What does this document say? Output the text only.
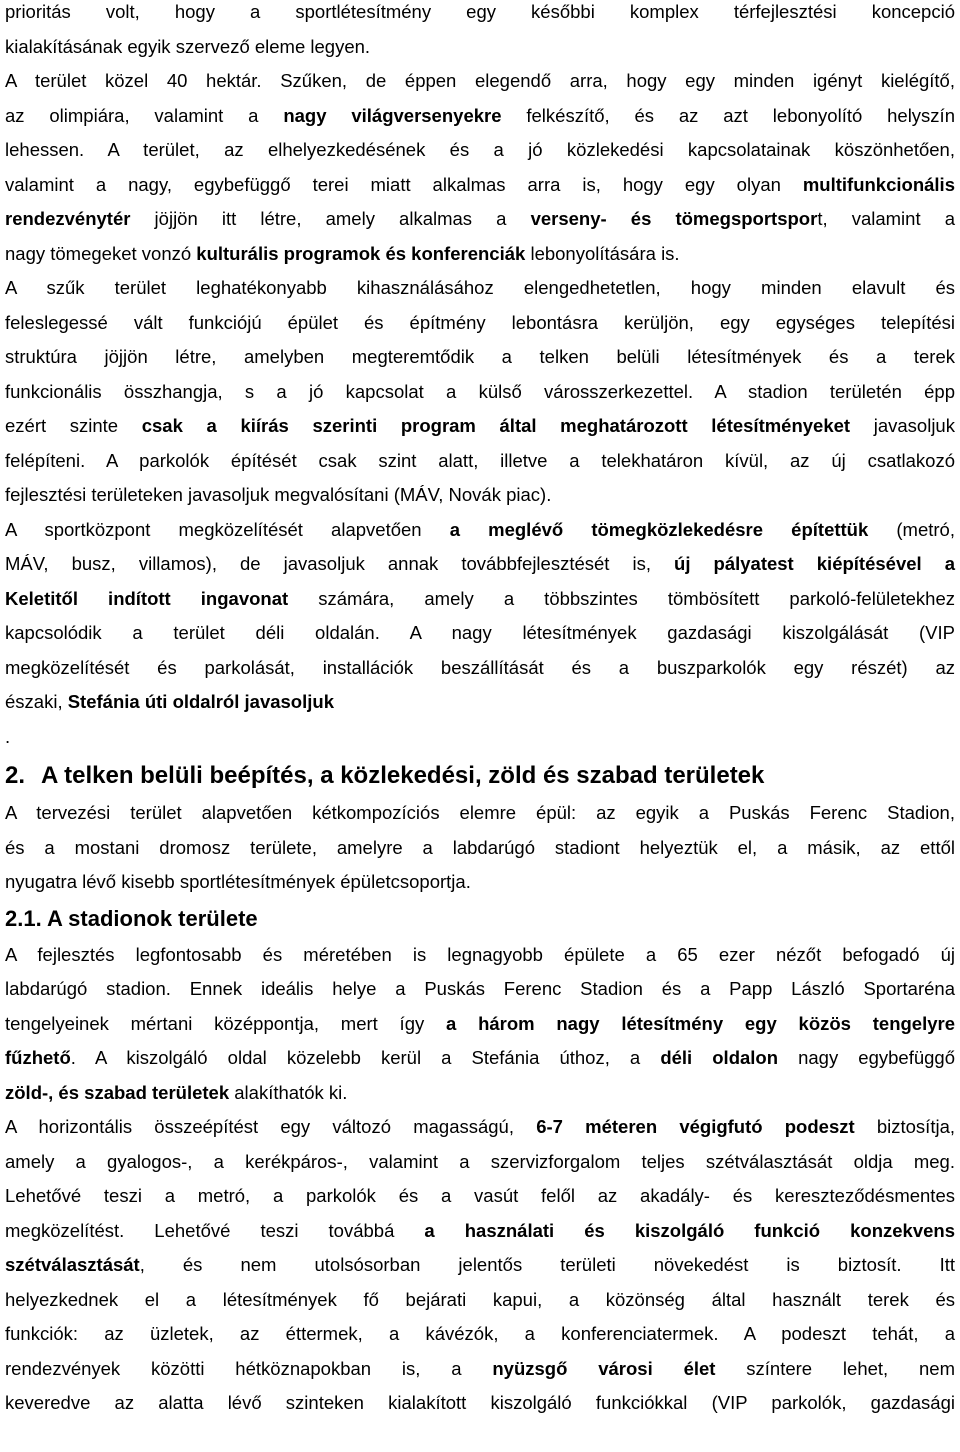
prioritás volt, hogy a sportlétesítmény egy későbbi komplex térfejlesztési koncepció
kialakításának egyik szervező eleme legyen.
A terület közel 40 hektár. Szűken, de éppen elegendő arra, hogy egy minden igényt kielégítő,
az olimpiára, valamint a nagy világversenyekre felkészítő, és az azt lebonyolító helyszín
lehessen. A terület, az elhelyezkedésének és a jó közlekedési kapcsolatainak köszönhetően,
valamint a nagy, egybefüggő terei miatt alkalmas arra is, hogy egy olyan multifunkcionális
rendezvénytér jöjjön itt létre, amely alkalmas a verseny- és tömegsportsport, valamint a
nagy tömegeket vonzó kulturális programok és konferenciák lebonyolítására is.
A szűk terület leghatékonyabb kihasználásához elengedhetetlen, hogy minden elavult és
feleslegessé vált funkciójú épület és építmény lebontásra kerüljön, egy egységes telepítési
struktúra jöjjön létre, amelyben megteremtődik a telken belüli létesítmények és a terek
funkcionális összhangja, s a jó kapcsolat a külső városszerkezettel. A stadion területén épp
ezért szinte csak a kiírás szerinti program által meghatározott létesítményeket javasoljuk
felépíteni. A parkolók építését csak szint alatt, illetve a telekhatáron kívül, az új csatlakozó
fejlesztési területeken javasoljuk megvalósítani (MÁV, Novák piac).
A sportközpont megközelítését alapvetően a meglévő tömegközlekedésre építettük (metró,
MÁV, busz, villamos), de javasoljuk annak továbbfejlesztését is, új pályatest kiépítésével a
Keletitől indított ingavonat számára, amely a többszintes tömbösített parkoló-felületekhez
kapcsolódik a terület déli oldalán. A nagy létesítmények gazdasági kiszolgálását (VIP
megközelítését és parkolását, installációk beszállítását és a buszparkolók egy részét) az
északi, Stefánia úti oldalról javasoljuk
.
2. A telken belüli beépítés, a közlekedési, zöld és szabad területek
A tervezési terület alapvetően kétkompozíciós elemre épül: az egyik a Puskás Ferenc Stadion,
és a mostani dromosz területe, amelyre a labdarúgó stadiont helyeztük el, a másik, az ettől
nyugatra lévő kisebb sportlétesítmények épületcsoportja.
2.1. A stadionok területe
A fejlesztés legfontosabb és méretében is legnagyobb épülete a 65 ezer nézőt befogadó új
labdarúgó stadion. Ennek ideális helye a Puskás Ferenc Stadion és a Papp László Sportaréna
tengelyeinek mértani középpontja, mert így a három nagy létesítmény egy közös tengelyre
fűzhető. A kiszolgáló oldal közelebb kerül a Stefánia úthoz, a déli oldalon nagy egybefüggő
zöld-, és szabad területek alakíthatók ki.
A horizontális összeépítést egy változó magasságú, 6-7 méteren végigfutó podeszt biztosítja,
amely a gyalogos-, a kerékpáros-, valamint a szervizforgalom teljes szétválasztását oldja meg.
Lehetővé teszi a metró, a parkolók és a vasút felől az akadály- és kereszteződésmentes
megközelítést. Lehetővé teszi továbbá a használati és kiszolgáló funkció konzekvens
szétválasztását, és nem utolsósorban jelentős területi növekedést is biztosít. Itt
helyezkednek el a létesítmények fő bejárati kapui, a közönség által használt terek és
funkciók: az üzletek, az éttermek, a kávézók, a konferenciatermek. A podeszt tehát, a
rendezvények közötti hétköznapokban is, a nyüzsgő városi élet színtere lehet, nem
keveredve az alatta lévő szinteken kialakított kiszolgáló funkciókkal (VIP parkolók, gazdasági
